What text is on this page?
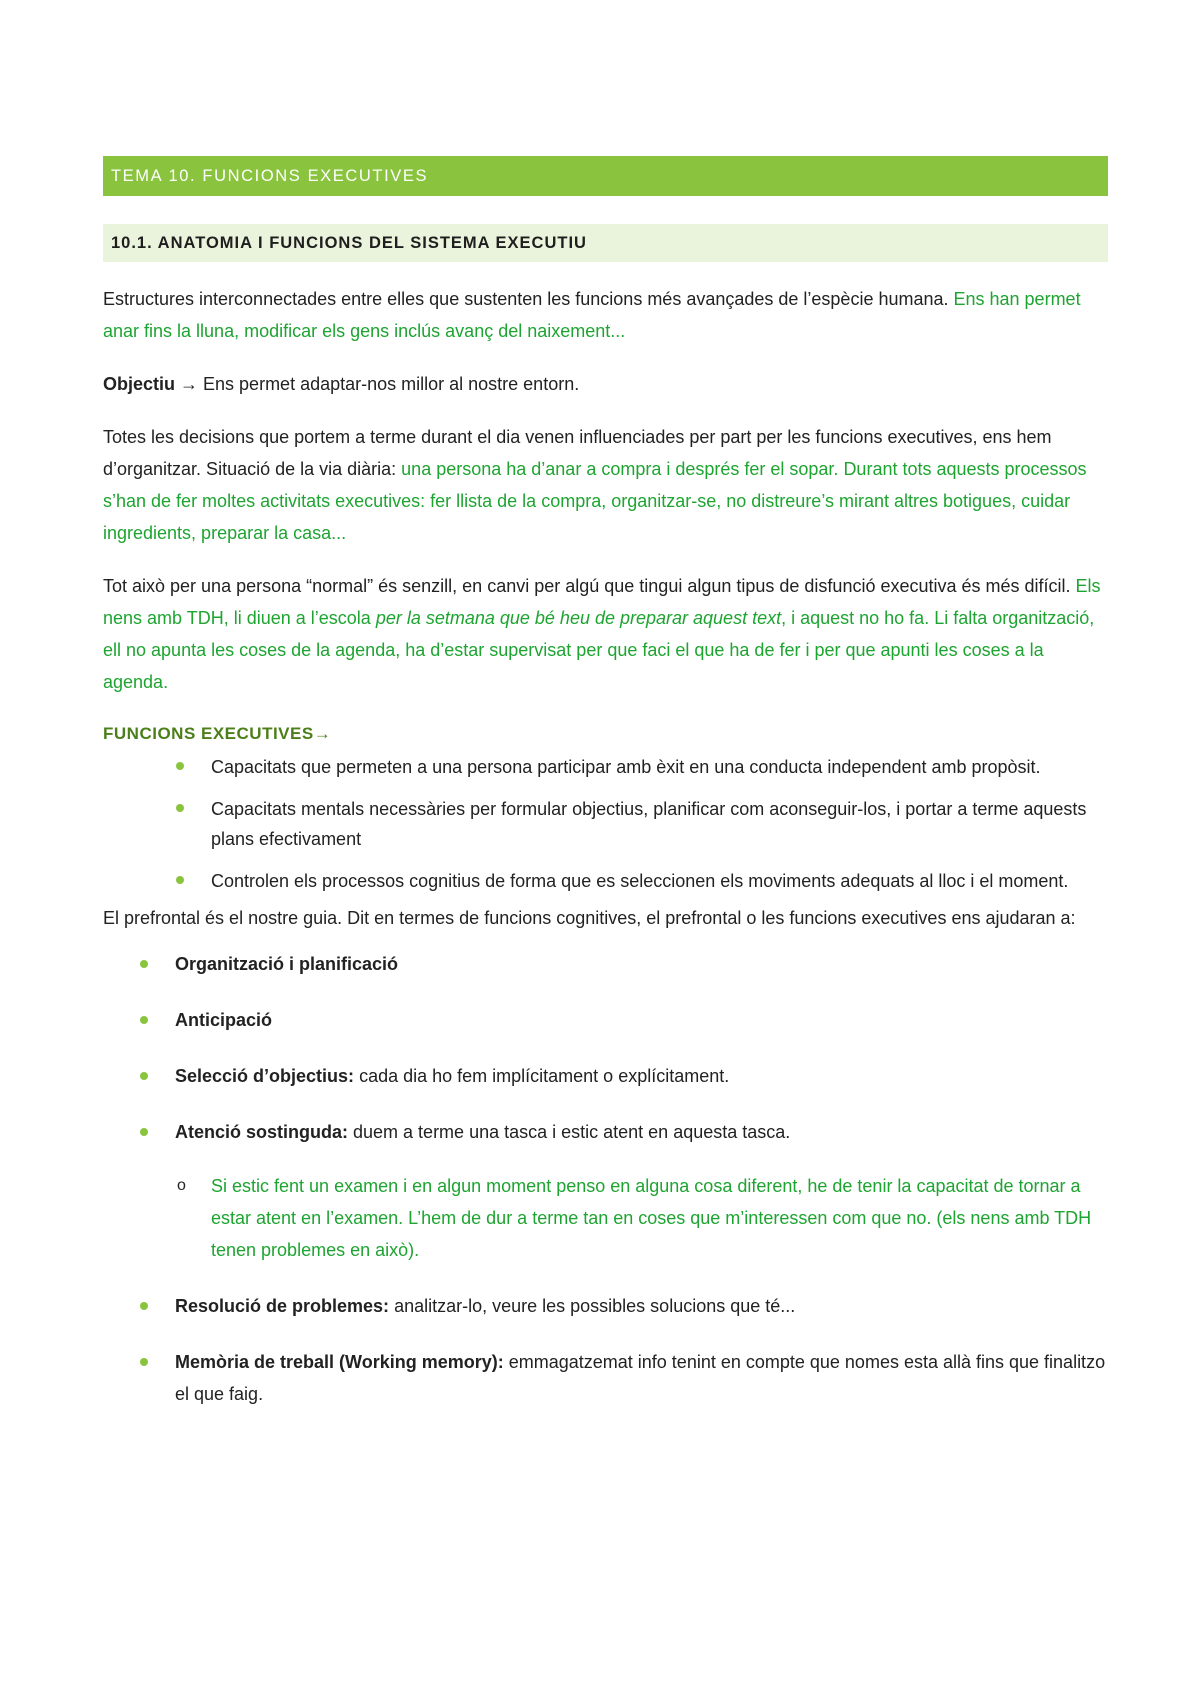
TEMA 10. FUNCIONS EXECUTIVES
10.1. ANATOMIA I FUNCIONS DEL SISTEMA EXECUTIU

Estructures interconnectades entre elles que sustenten les funcions més avançades de l’espècie humana. Ens han permet anar fins la lluna, modificar els gens inclús avanç del naixement...

Objectiu → Ens permet adaptar-nos millor al nostre entorn.

Totes les decisions que portem a terme durant el dia venen influenciades per part per les funcions executives, ens hem d’organitzar. Situació de la via diària: una persona ha d’anar a compra i després fer el sopar. Durant tots aquests processos s’han de fer moltes activitats executives: fer llista de la compra, organitzar-se, no distreure’s mirant altres botigues, cuidar ingredients, preparar la casa...

Tot això per una persona “normal” és senzill, en canvi per algú que tingui algun tipus de disfunció executiva és més difícil. Els nens amb TDH, li diuen a l’escola per la setmana que bé heu de preparar aquest text, i aquest no ho fa. Li falta organització, ell no apunta les coses de la agenda, ha d’estar supervisat per que faci el que ha de fer i per que apunti les coses a la agenda.

FUNCIONS EXECUTIVES→
Capacitats que permeten a una persona participar amb èxit en una conducta independent amb propòsit.
Capacitats mentals necessàries per formular objectius, planificar com aconseguir-los, i portar a terme aquests plans efectivament
Controlen els processos cognitius de forma que es seleccionen els moviments adequats al lloc i el moment.

El prefrontal és el nostre guia. Dit en termes de funcions cognitives, el prefrontal o les funcions executives ens ajudaran a:

Organització i planificació
Anticipació
Selecció d’objectius: cada dia ho fem implícitament o explícitament.
Atenció sostinguda: duem a terme una tasca i estic atent en aquesta tasca.
o Si estic fent un examen i en algun moment penso en alguna cosa diferent, he de tenir la capacitat de tornar a estar atent en l’examen. L’hem de dur a terme tan en coses que m’interessen com que no. (els nens amb TDH tenen problemes en això).

Resolució de problemes: analitzar-lo, veure les possibles solucions que té...
Memòria de treball (Working memory): emmagatzemat info tenint en compte que nomes esta allà fins que finalitzo el que faig.
